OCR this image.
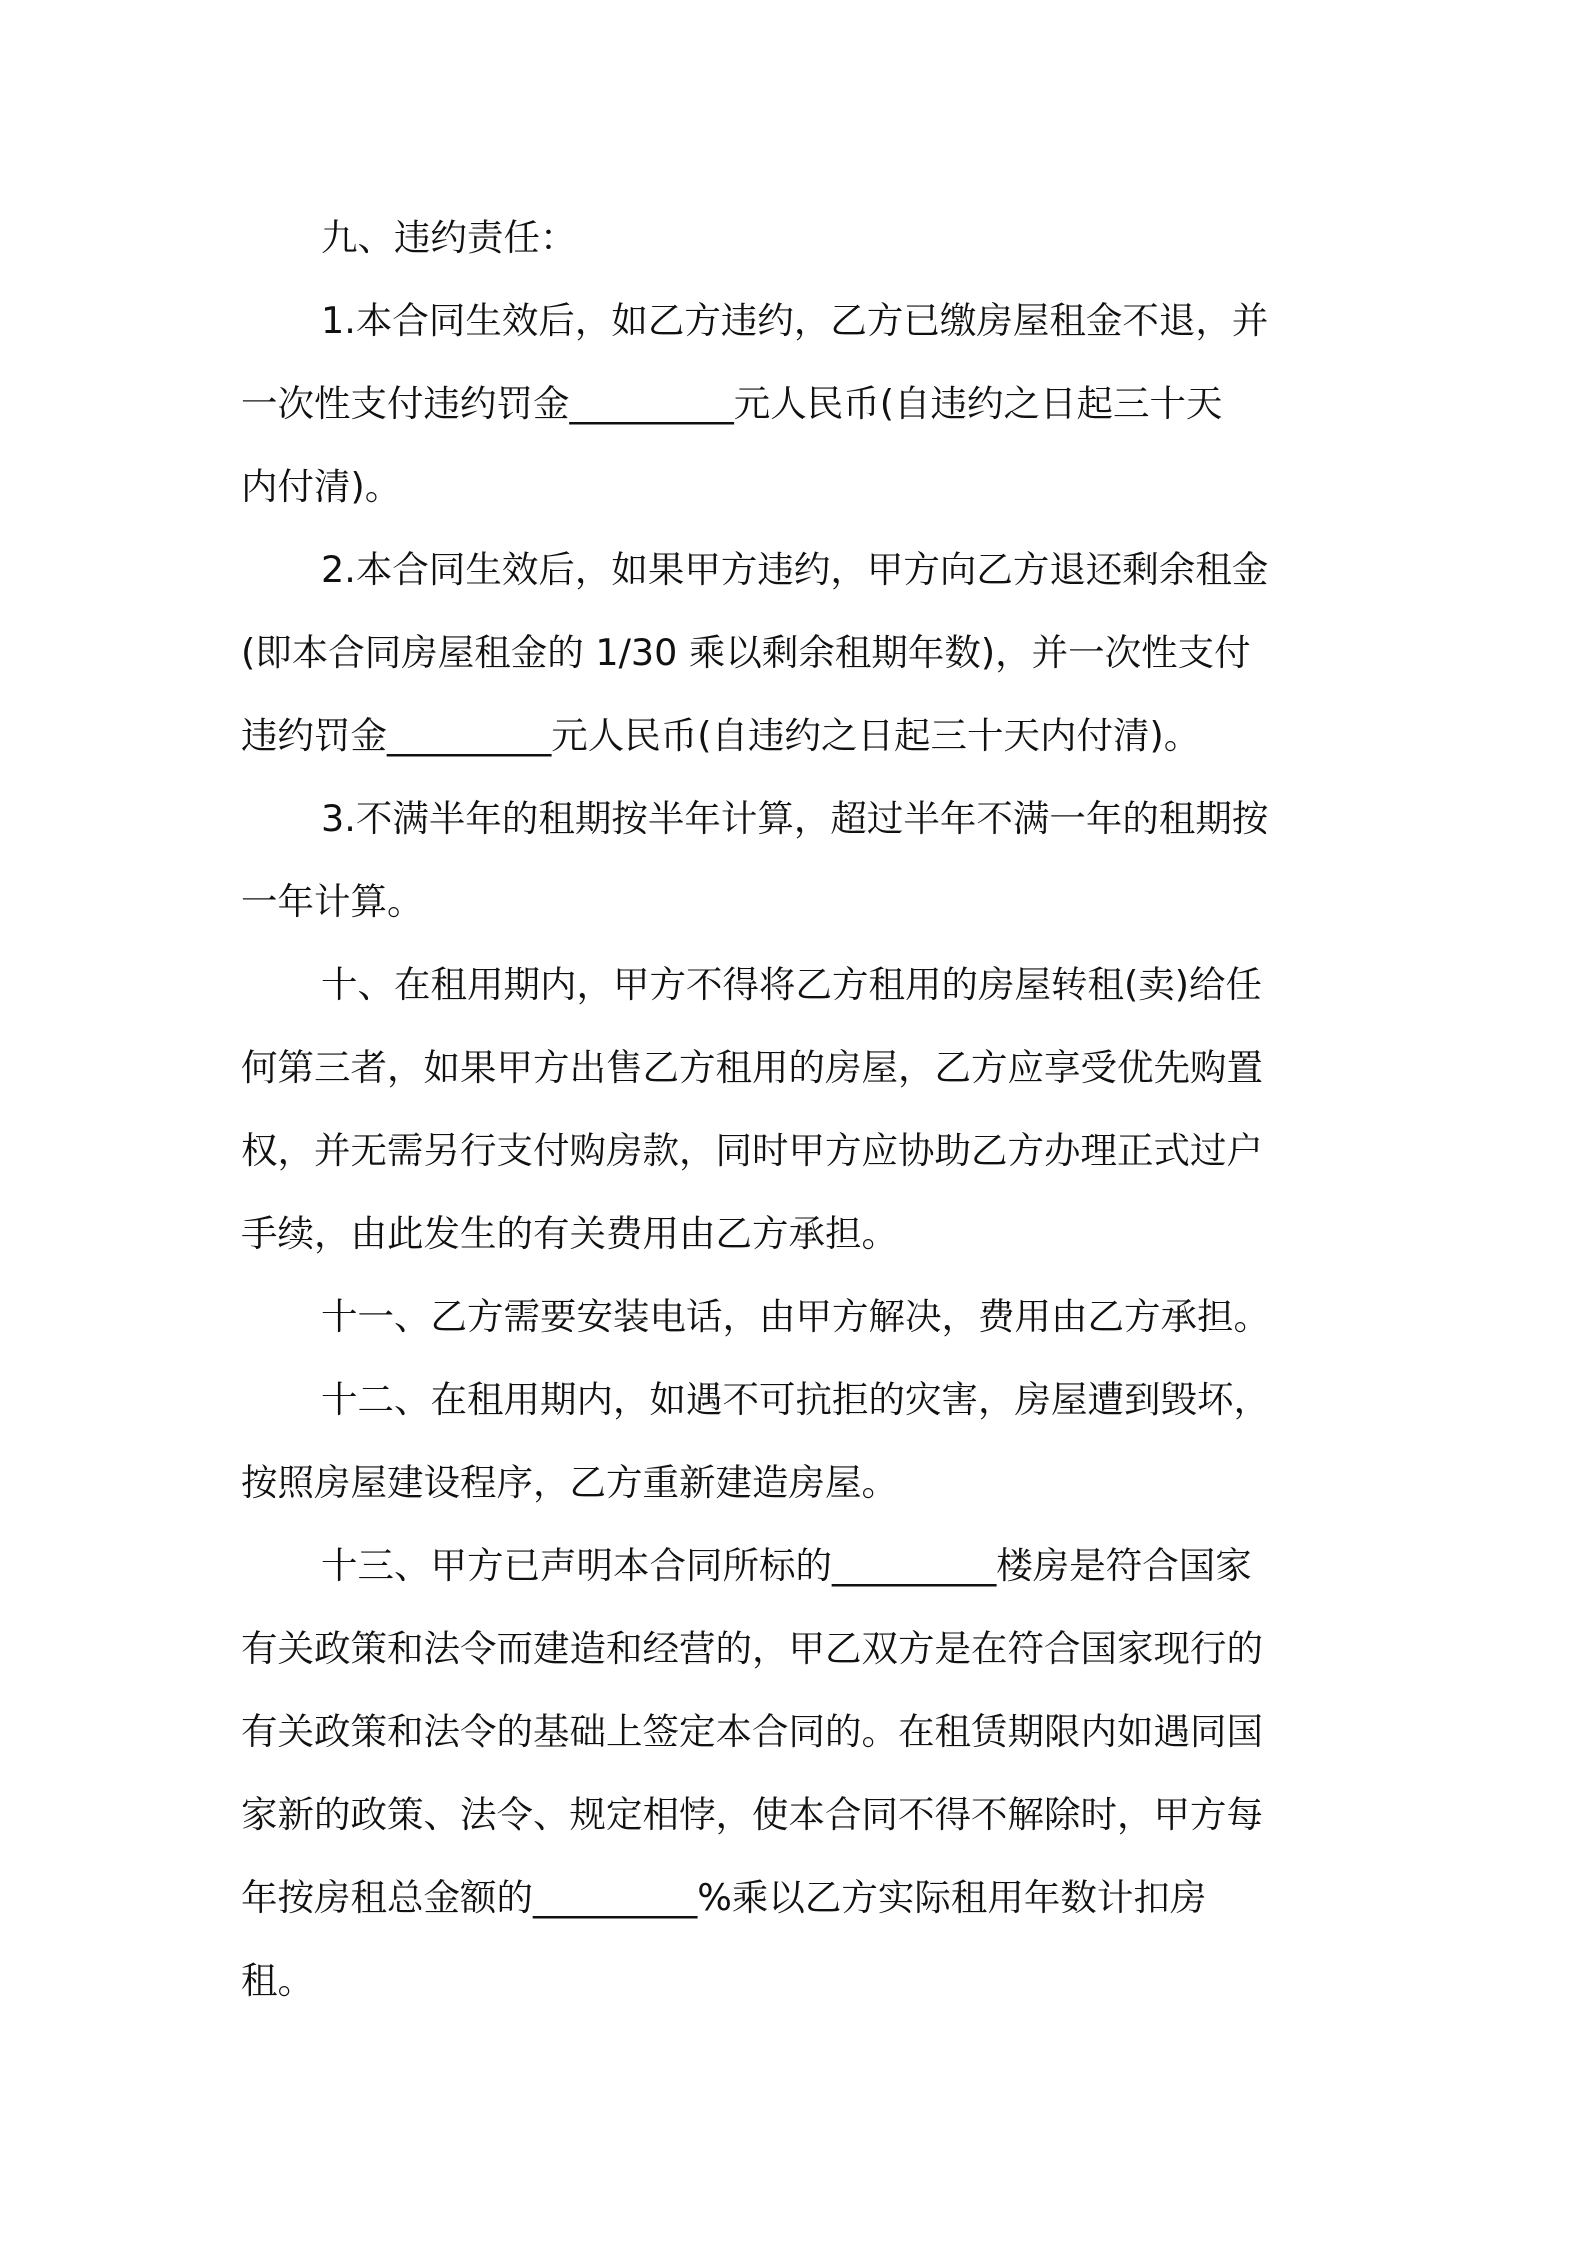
九、违约责任：

1.本合同生效后，如乙方违约，乙方已缴房屋租金不退，并
一次性支付违约罚金_________元人民币(自违约之日起三十天
内付清)。

2.本合同生效后，如果甲方违约，甲方向乙方退还剩余租金
(即本合同房屋租金的 1/30 乘以剩余租期年数)，并一次性支付
违约罚金_________元人民币(自违约之日起三十天内付清)。

3.不满半年的租期按半年计算，超过半年不满一年的租期按
一年计算。

十、在租用期内，甲方不得将乙方租用的房屋转租(卖)给任
何第三者，如果甲方出售乙方租用的房屋，乙方应享受优先购置
权，并无需另行支付购房款，同时甲方应协助乙方办理正式过户
手续，由此发生的有关费用由乙方承担。

十一、乙方需要安装电话，由甲方解决，费用由乙方承担。

十二、在租用期内，如遇不可抗拒的灾害，房屋遭到毁坏，
按照房屋建设程序，乙方重新建造房屋。

十三、甲方已声明本合同所标的_________楼房是符合国家
有关政策和法令而建造和经营的，甲乙双方是在符合国家现行的
有关政策和法令的基础上签定本合同的。在租赁期限内如遇同国
家新的政策、法令、规定相悖，使本合同不得不解除时，甲方每
年按房租总金额的_________%乘以乙方实际租用年数计扣房
租。
